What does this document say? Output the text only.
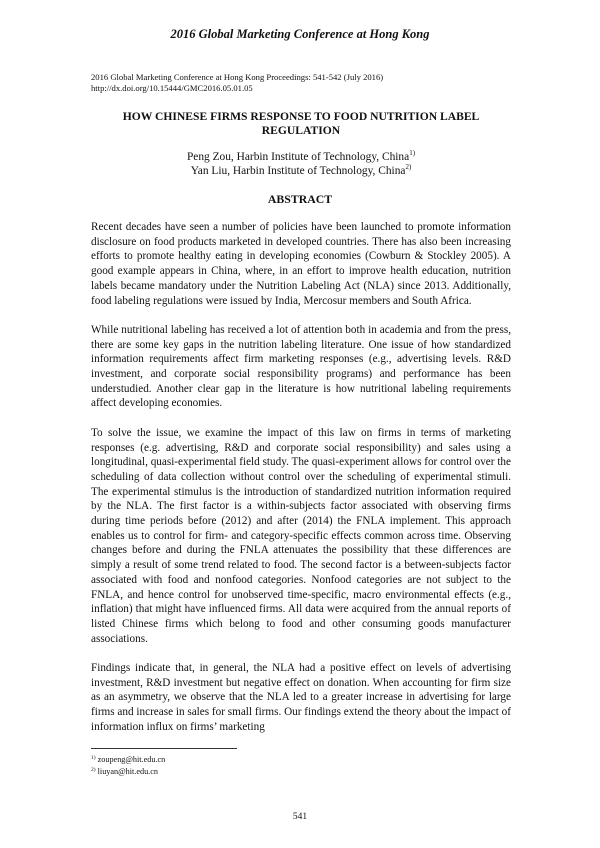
2016 Global Marketing Conference at Hong Kong
2016 Global Marketing Conference at Hong Kong Proceedings: 541-542 (July 2016)
http://dx.doi.org/10.15444/GMC2016.05.01.05
HOW CHINESE FIRMS RESPONSE TO FOOD NUTRITION LABEL REGULATION
Peng Zou, Harbin Institute of Technology, China$^{1)}$
Yan Liu, Harbin Institute of Technology, China$^{2)}$
ABSTRACT

Recent decades have seen a number of policies have been launched to promote information disclosure on food products marketed in developed countries. There has also been increasing efforts to promote healthy eating in developing economies (Cowburn & Stockley 2005). A good example appears in China, where, in an effort to improve health education, nutrition labels became mandatory under the Nutrition Labeling Act (NLA) since 2013. Additionally, food labeling regulations were issued by India, Mercosur members and South Africa.

While nutritional labeling has received a lot of attention both in academia and from the press, there are some key gaps in the nutrition labeling literature. One issue of how standardized information requirements affect firm marketing responses (e.g., advertising levels. R&D investment, and corporate social responsibility programs) and performance has been understudied. Another clear gap in the literature is how nutritional labeling requirements affect developing economies.

To solve the issue, we examine the impact of this law on firms in terms of marketing responses (e.g. advertising, R&D and corporate social responsibility) and sales using a longitudinal, quasi-experimental field study. The quasi-experiment allows for control over the scheduling of data collection without control over the scheduling of experimental stimuli. The experimental stimulus is the introduction of standardized nutrition information required by the NLA. The first factor is a within-subjects factor associated with observing firms during time periods before (2012) and after (2014) the FNLA implement. This approach enables us to control for firm- and category-specific effects common across time. Observing changes before and during the FNLA attenuates the possibility that these differences are simply a result of some trend related to food. The second factor is a between-subjects factor associated with food and nonfood categories. Nonfood categories are not subject to the FNLA, and hence control for unobserved time-specific, macro environmental effects (e.g., inflation) that might have influenced firms. All data were acquired from the annual reports of listed Chinese firms which belong to food and other consuming goods manufacturer associations.

Findings indicate that, in general, the NLA had a positive effect on levels of advertising investment, R&D investment but negative effect on donation. When accounting for firm size as an asymmetry, we observe that the NLA led to a greater increase in advertising for large firms and increase in sales for small firms. Our findings extend the theory about the impact of information influx on firms’ marketing

$^{1)}$ zoupeng@hit.edu.cn
$^{2)}$ liuyan@hit.edu.cn
541
